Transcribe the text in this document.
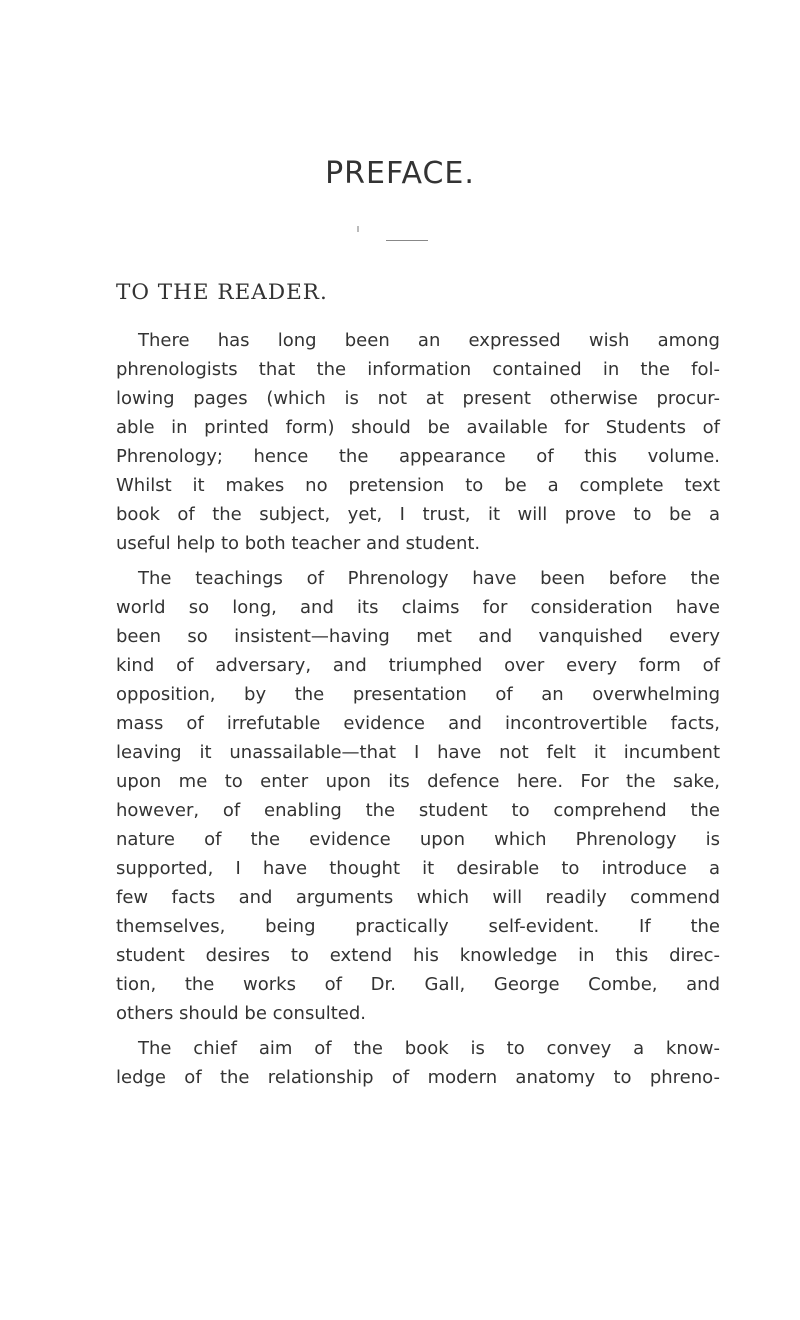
PREFACE.
TO THE READER.
There has long been an expressed wish among
phrenologists that the information contained in the fol-
lowing pages (which is not at present otherwise procur-
able in printed form) should be available for Students of
Phrenology; hence the appearance of this volume.
Whilst it makes no pretension to be a complete text
book of the subject, yet, I trust, it will prove to be a
useful help to both teacher and student.
The teachings of Phrenology have been before the
world so long, and its claims for consideration have
been so insistent—having met and vanquished every
kind of adversary, and triumphed over every form of
opposition, by the presentation of an overwhelming
mass of irrefutable evidence and incontrovertible facts,
leaving it unassailable—that I have not felt it incumbent
upon me to enter upon its defence here. For the sake,
however, of enabling the student to comprehend the
nature of the evidence upon which Phrenology is
supported, I have thought it desirable to introduce a
few facts and arguments which will readily commend
themselves, being practically self-evident. If the
student desires to extend his knowledge in this direc-
tion, the works of Dr. Gall, George Combe, and
others should be consulted.
The chief aim of the book is to convey a know-
ledge of the relationship of modern anatomy to phreno-
